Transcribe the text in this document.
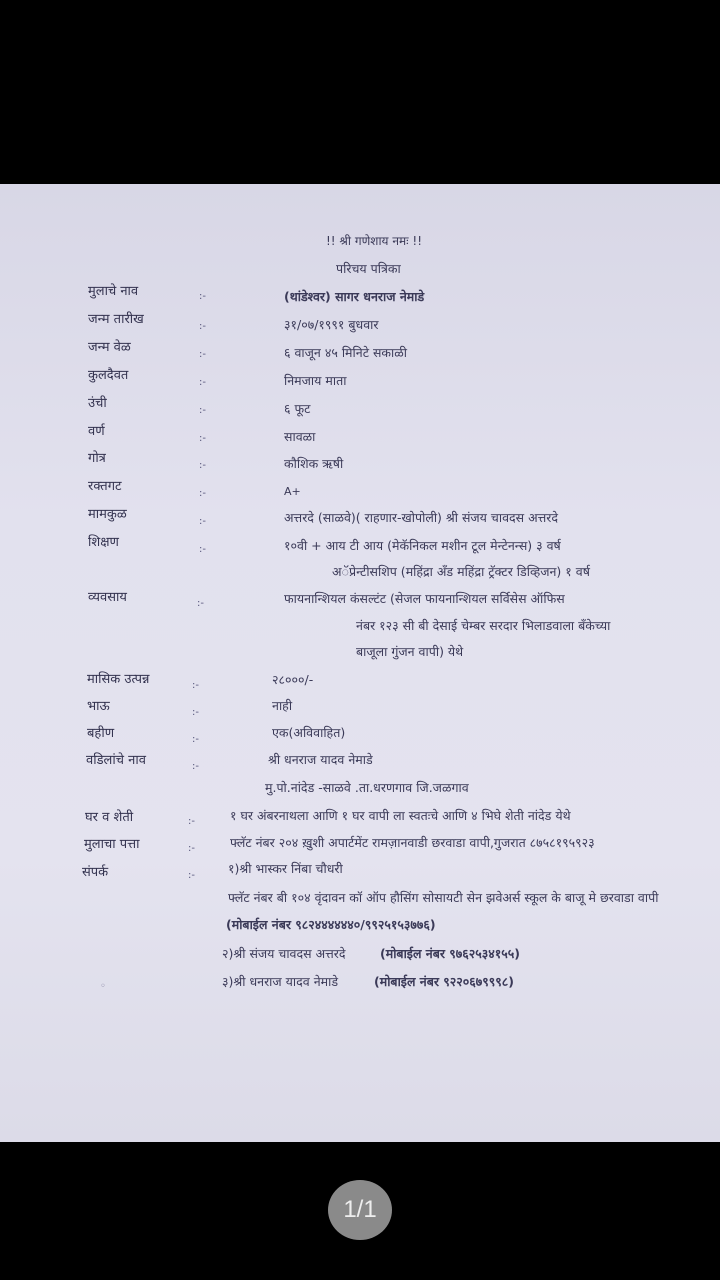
!! श्री गणेशाय नमः !!
परिचय पत्रिका
मुलाचे नाव	:-	(थांडेश्वर) सागर धनराज नेमाडे
जन्म तारीख	:-	३१/०७/१९९१ बुधवार
जन्म वेळ	:-	६ वाजून ४५ मिनिटे सकाळी
कुलदैवत	:-	निमजाय माता
उंची	:-	६ फूट
वर्ण	:-	सावळा
गोत्र	:-	कौशिक ऋषी
रक्तगट	:-	A+
मामकुळ	:-	अत्तरदे (साळवे)( राहणार-खोपोली) श्री संजय चावदस अत्तरदे
शिक्षण	:-	१०वी + आय टी आय (मेकॅनिकल मशीन टूल मेन्टेनन्स) ३ वर्ष
अॅप्रेन्टीसशिप (महिंद्रा अँड महिंद्रा ट्रॅक्टर डिव्हिजन) १ वर्ष
व्यवसाय	:-	फायनान्शियल कंसल्टंट (सेजल फायनान्शियल सर्विसेस ऑफिस
नंबर १२३ सी बी देसाई चेम्बर सरदार भिलाडवाला बँकेच्या
बाजूला गुंजन वापी) येथे
मासिक उत्पन्न	:-	२८०००/-
भाऊ	:-	नाही
बहीण	:-	एक(अविवाहित)
वडिलांचे नाव	:-	श्री धनराज यादव नेमाडे
मु.पो.नांदेड -साळवे .ता.धरणगाव जि.जळगाव
घर व शेती	:-	१ घर अंबरनाथला आणि १ घर वापी ला स्वतःचे आणि ४ भिघे शेती नांदेड येथे
मुलाचा पत्ता	:-	फ्लॅट नंबर २०४ ख़ुशी अपार्टमेंट रामज़ानवाडी छरवाडा वापी,गुजरात ८७५८१९५९२३
संपर्क	:-	१)श्री भास्कर निंबा चौधरी
फ्लॅट नंबर बी १०४ वृंदावन कॉ ऑप हौसिंग सोसायटी सेन झवेअर्स स्कूल के बाजू मे छरवाडा वापी
(मोबाईल नंबर ९८२४४४४४४०/९९२५१५३७७६)
२)श्री संजय चावदस अत्तरदे	(मोबाईल नंबर ९७६२५३४१५५)
३)श्री धनराज यादव नेमाडे	(मोबाईल नंबर ९२२०६७९९९८)
◦
1/1
